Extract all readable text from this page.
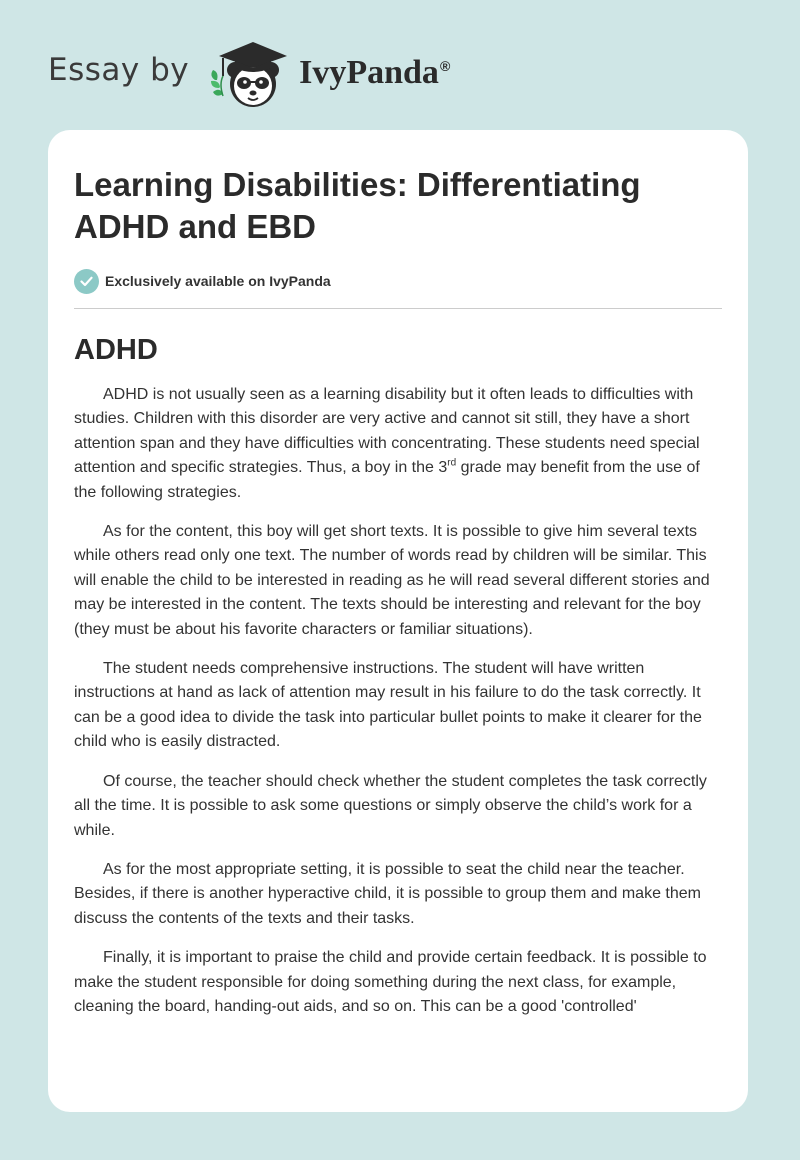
Essay by	IvyPanda®
Learning Disabilities: Differentiating ADHD and EBD
Exclusively available on IvyPanda
ADHD

ADHD is not usually seen as a learning disability but it often leads to difficulties with studies. Children with this disorder are very active and cannot sit still, they have a short attention span and they have difficulties with concentrating. These students need special attention and specific strategies. Thus, a boy in the 3rd grade may benefit from the use of the following strategies.

As for the content, this boy will get short texts. It is possible to give him several texts while others read only one text. The number of words read by children will be similar. This will enable the child to be interested in reading as he will read several different stories and may be interested in the content. The texts should be interesting and relevant for the boy (they must be about his favorite characters or familiar situations).

The student needs comprehensive instructions. The student will have written instructions at hand as lack of attention may result in his failure to do the task correctly. It can be a good idea to divide the task into particular bullet points to make it clearer for the child who is easily distracted.

Of course, the teacher should check whether the student completes the task correctly all the time. It is possible to ask some questions or simply observe the child’s work for a while.

As for the most appropriate setting, it is possible to seat the child near the teacher. Besides, if there is another hyperactive child, it is possible to group them and make them discuss the contents of the texts and their tasks.

Finally, it is important to praise the child and provide certain feedback. It is possible to make the student responsible for doing something during the next class, for example, cleaning the board, handing-out aids, and so on. This can be a good 'controlled'
